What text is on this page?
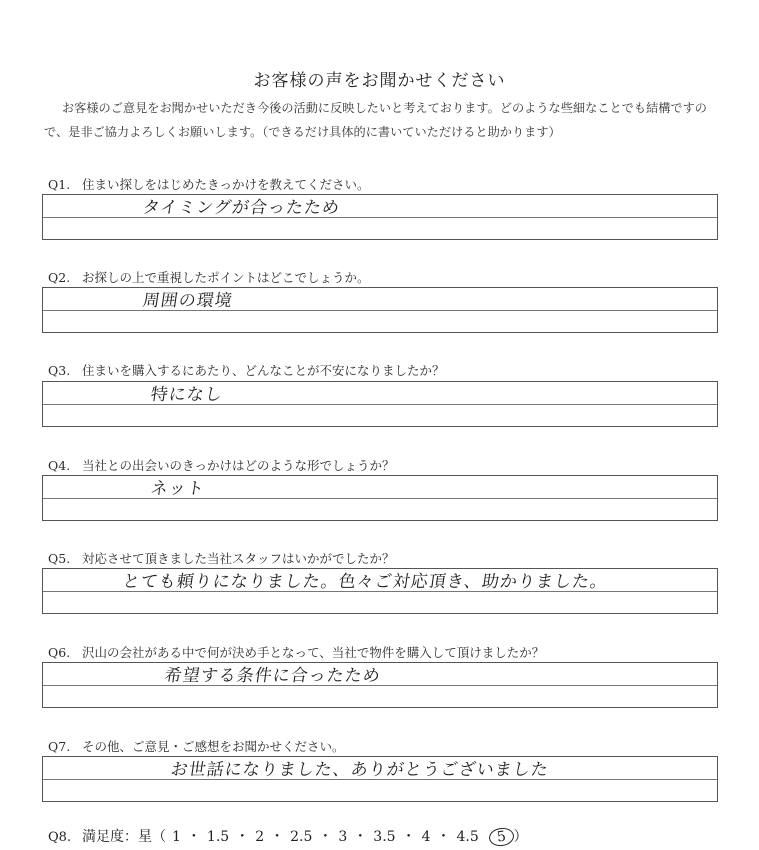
お客様の声をお聞かせください
お客様のご意見をお聞かせいただき今後の活動に反映したいと考えております。どのような些細なことでも結構ですので、是非ご協力よろしくお願いします。（できるだけ具体的に書いていただけると助かります）
Q1. 住まい探しをはじめたきっかけを教えてください。
タイミングが合ったため
Q2. お探しの上で重視したポイントはどこでしょうか。
周囲の環境
Q3. 住まいを購入するにあたり、どんなことが不安になりましたか？
特になし
Q4. 当社との出会いのきっかけはどのような形でしょうか？
ネット
Q5. 対応させて頂きました当社スタッフはいかがでしたか？
とても頼りになりました。色々ご対応頂き、助かりました。
Q6. 沢山の会社がある中で何が決め手となって、当社で物件を購入して頂けましたか？
希望する条件に合ったため
Q7. その他、ご意見・ご感想をお聞かせください。
お世話になりました、ありがとうございました
Q8. 満足度：星（ 1 ・ 1.5 ・ 2 ・ 2.5 ・ 3 ・ 3.5 ・ 4 ・ 4.5 5 ）
